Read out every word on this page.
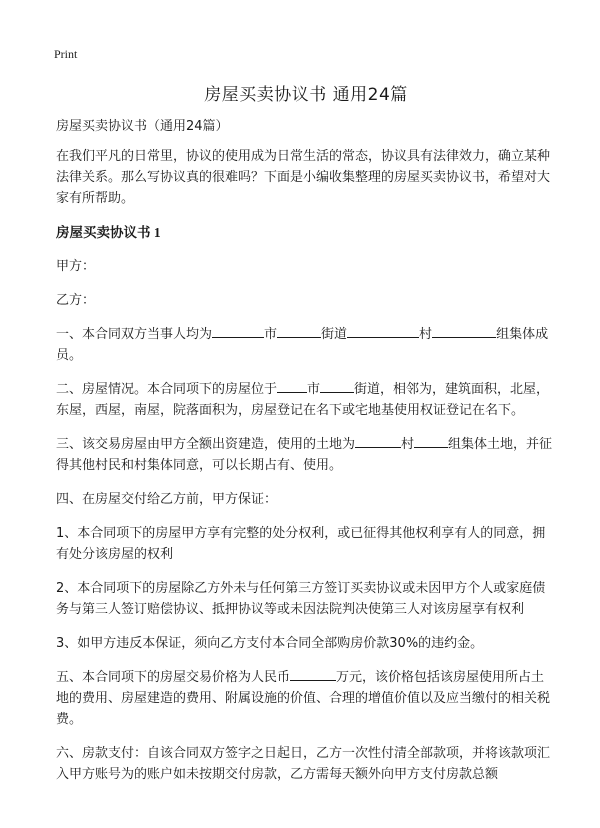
Print
房屋买卖协议书 通用24篇

房屋买卖协议书（通用24篇）

在我们平凡的日常里，协议的使用成为日常生活的常态，协议具有法律效力，确立某种法律关系。那么写协议真的很难吗？下面是小编收集整理的房屋买卖协议书，希望对大家有所帮助。

房屋买卖协议书 1

甲方：

乙方：

一、本合同双方当事人均为	市	街道	村	组集体成员。

二、房屋情况。本合同项下的房屋位于 市	街道，相邻为，建筑面积，北屋，东屋，西屋，南屋，院落面积为，房屋登记在名下或宅地基使用权证登记在名下。

三、该交易房屋由甲方全额出资建造，使用的土地为	村	组集体土地，并征得其他村民和村集体同意，可以长期占有、使用。

四、在房屋交付给乙方前，甲方保证：

1、本合同项下的房屋甲方享有完整的处分权利，或已征得其他权利享有人的同意，拥有处分该房屋的权利

2、本合同项下的房屋除乙方外未与任何第三方签订买卖协议或未因甲方个人或家庭债务与第三人签订赔偿协议、抵押协议等或未因法院判决使第三人对该房屋享有权利

3、如甲方违反本保证，须向乙方支付本合同全部购房价款30%的违约金。

五、本合同项下的房屋交易价格为人民币	万元，该价格包括该房屋使用所占土地的费用、房屋建造的费用、附属设施的价值、合理的增值价值以及应当缴付的相关税费。

六、房款支付：自该合同双方签字之日起日，乙方一次性付清全部款项，并将该款项汇入甲方账号为的账户如未按期交付房款，乙方需每天额外向甲方支付房款总额
